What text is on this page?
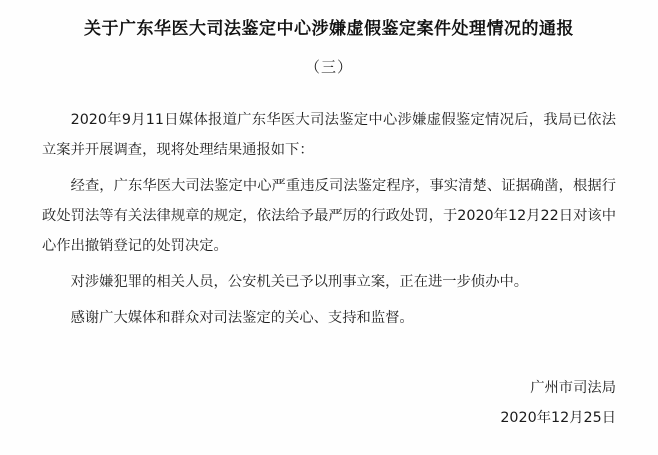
关于广东华医大司法鉴定中心涉嫌虚假鉴定案件处理情况的通报
（三）

2020年9月11日媒体报道广东华医大司法鉴定中心涉嫌虚假鉴定情况后，我局已依法立案并开展调查，现将处理结果通报如下：

经查，广东华医大司法鉴定中心严重违反司法鉴定程序，事实清楚、证据确凿，根据行政处罚法等有关法律规章的规定，依法给予最严厉的行政处罚，于2020年12月22日对该中心作出撤销登记的处罚决定。

对涉嫌犯罪的相关人员，公安机关已予以刑事立案，正在进一步侦办中。

感谢广大媒体和群众对司法鉴定的关心、支持和监督。

广州市司法局
2020年12月25日
